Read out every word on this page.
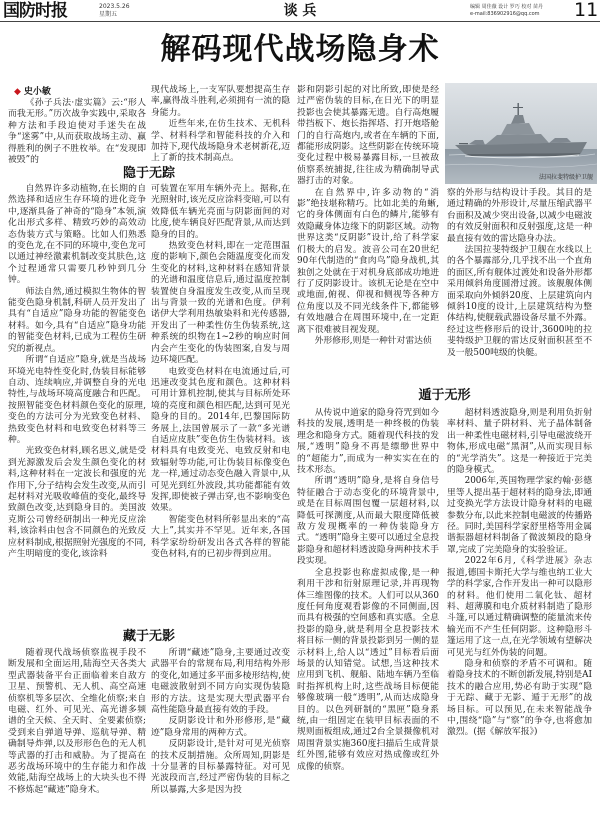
国防时报	2023.5.26
星期五	谈 兵	编辑 周佳薇 设计 罗巧 校对 苗丹
e-mail:836902916@qq.com	11
解码现代战场隐身术
◆ 史小敏

《孙子兵法·虚实篇》云:“形人而我无形。”历次战争实践中,采取各种方法和手段迫使对手迷失在战争“迷雾”中,从而获取战场主动、赢得胜利的例子不胜枚举。在“发现即被毁”的

现代战场上,一支军队要想提高生存率,赢得战斗胜利,必须拥有一流的隐身能力。

近些年来,在仿生技术、无机科学、材料科学和智能科技的介入和加持下,现代战场隐身术老树新花,迈上了新的技术制高点。

隐于无踪

自然界许多动植物,在长期的自然选择和适应生存环境的进化竞争中,逐渐具备了神奇的“隐身”本领,演化出形式多样、精致巧妙的高效动态伪装方式与策略。比如人们熟悉的变色龙,在不同的环境中,变色龙可以通过神经激素机制改变其肤色,这个过程通常只需要几秒钟到几分钟。

师法自然,通过模拟生物体的智能变色隐身机制,科研人员开发出了具有“自适应”隐身功能的智能变色材料。如今,具有“自适应”隐身功能的智能变色材料,已成为工程仿生研究的新视点。

所谓“自适应”隐身,就是当战场环境光电特性变化时,伪装目标能够自动、连续响应,并调整自身的光电特性,与战场环境高度融合和匹配。按照智能变色材料颜色变化的原理,变色的方法可分为光致变色材料、热致变色材料和电致变色材料等三种。

光致变色材料,顾名思义,就是受到光源激发后会发生颜色变化的材料,这种材料在一定波长和强度的光作用下,分子结构会发生改变,从而引起材料对光吸收峰值的变化,最终导致颜色改变,达到隐身目的。美国波克斯公司曾经研制出一种光反应涂料,该涂料由包含不同颜色的光致反应材料制成,根据照射光强度的不同,产生明暗度的变化,该涂料

可装置在军用车辆外壳上。据称,在光照射时,该光反应涂料变暗,可以有效降低车辆光亮面与阴影面间的对比度,使车辆良好匹配背景,从而达到隐身的目的。

热致变色材料,即在一定范围温度的影响下,颜色会随温度变化而发生变化的材料,这种材料在感知背景的光谱和温度信息后,通过温度控制装置使自身温度发生改变,从而呈现出与背景一致的光谱和色度。伊利诺伊大学利用热敏染料和光传感器,开发出了一种柔性仿生伪装系统,这种系统的织物在1~2秒的响应时间内会产生变化的伪装图案,自发与周边环境匹配。

电致变色材料在电流通过后,可迅速改变其色度和颜色。这种材料可用计算机控制,使其与目标所处环境的亮度和颜色相匹配,达到可见光隐身的目的。2014年,巴黎国际防务展上,法国曾展示了一款“多光谱自适应皮肤”变色仿生伪装材料。该材料具有电致变光、电致反射和电致辐射等功能,可让伪装目标像变色龙一样,通过动态变色融入背景中,从可见光到红外波段,其功能都能有效发挥,即使被子弹击穿,也不影响变色效果。

智能变色材料所彰显出来的“高大上”,其实并不罕见。近年来,各国科学家纷纷研发出各式各样的智能变色材料,有的已初步得到应用。

藏于无影

随着现代战场侦察监视手段不断发展和全面运用,陆海空天各类大型武器装备平台正面临着来自敌方卫星、预警机、无人机、高空高速侦察机等多层次、全维化侦察;来自电磁、红外、可见光、高光谱多频谱的全天候、全天时、全要素侦察;受到来自弹道导弹、巡航导弹、精确制导炸弹,以及形形色色的无人机等武器的打击和威胁。为了提高在恶劣战场环境中的生存能力和作战效能,陆海空战场上的大块头也不得不修炼起“藏迹”隐身术。

所谓“藏迹”隐身,主要通过改变武器平台的常规布局,利用结构外形的变化,如通过多平面多棱形结构,使电磁波散射到不同方向实现伪装隐形的方法。这是实现大型武器平台高性能隐身最直接有效的手段。

反阴影设计和外形修形,是“藏迹”隐身常用的两种方式。

反阴影设计,是针对可见光侦察的技术反制措施。众所周知,阴影是十分显著的目标暴露特征。对可见光波段而言,经过严密伪装的目标之所以暴露,大多是因为投

影和阴影引起的对比所致,即使是经过严密伪装的目标,在日光下的明显投影也会使其暴露无遗。自行高炮履带挡板下、炮长指挥塔、打开炮塔舱门的自行高炮内,或者在车辆的下面,都能形成阴影。这些阴影在传统环境变化过程中极易暴露目标,一旦被敌侦察系统捕捉,往往成为精确制导武器打击的对象。

在自然界中,许多动物的“消影”绝技堪称精巧。比如北美的角蜥,它的身体侧面有白色的鳞片,能够有效隐藏身体边缘下的阴影区域。动物世界这类“反阴影”设计,给了科学家们极大的启发。波音公司在20世纪90年代制造的“食肉鸟”隐身战机,其独创之处就在于对机身底部成功地进行了反阴影设计。该机无论是在空中或地面,俯视、仰视和侧视等各种方位角度以及不同光线条件下,都能够有效地融合在周围环境中,在一定距离下很难被目视发现。

外形修形,则是一种针对雷达侦

法国拉斐特级护卫舰

察的外形与结构设计手段。其目的是通过精确的外形设计,尽量压缩武器平台面积及减少突出设备,以减少电磁波的有效反射面积和反射强度,这是一种最直接有效的雷达隐身办法。

法国拉斐特级护卫舰在水线以上的各个暴露部分,几乎找不出一个直角的面区,所有舰体过渡处和设备外形都采用倾斜角度圆滑过渡。该舰舰体侧面采取向外倾斜20度、上层建筑向内倾斜10度的设计,上层建筑结构为整体结构,使舰载武器设备尽量不外露。经过这些修形后的设计,3600吨的拉斐特级护卫舰的雷达反射面积甚至不及一般500吨级的快艇。

遁于无形

从传说中道家的隐身符咒到如今科技的发展,透明是一种终极的伪装理念和隐身方式。随着现代科技的发展,“透明”隐身不再是缥缈世界中的“超能力”,而成为一种实实在在的技术形态。

所谓“透明”隐身,是将自身信号特征融合于动态变化的环境背景中,或是在目标周围包覆一层超材料,以降低可探测度,从而最大限度降低被敌方发现概率的一种伪装隐身方式。“透明”隐身主要可以通过全息投影隐身和超材料透波隐身两种技术手段实现。

全息投影也称虚拟成像,是一种利用干涉和衍射原理记录,并再现物体三维图像的技术。人们可以从360度任何角度观看影像的不同侧面,因而具有极强的空间感和真实感。全息投影的隐身,就是利用全息投影技术将目标一侧的背景投影到另一侧的显示材料上,给人以“透过”目标看后面场景的认知错觉。试想,当这种技术应用到飞机、舰船、陆地车辆乃至临时指挥机构上时,这些战场目标便能够像玻璃一般“透明”,从而达成隐身目的。以色列研制的“黑匣”隐身系统,由一组固定在装甲目标表面的不规则面板组成,通过2台全景摄像机对周围背景实施360度扫描后生成背景红外图,能够有效应对热成像或红外成像的侦察。

超材料透波隐身,则是利用负折射率材料、量子阱材料、光子晶体制备出一种柔性电磁材料,引导电磁波绕开物体,形成电磁“黑洞”,从而实现目标的“光学消失”。这是一种接近于完美的隐身模式。

2006年,英国物理学家约翰·彭德里等人提出基于超材料的隐身法,即通过变换光学方法设计隐身材料的电磁参数分布,以此来控制电磁波的传播路径。同时,美国科学家舒里格等用金属谐振器超材料制备了微波频段的隐身罩,完成了完美隐身的实验验证。

2022年6月,《科学进展》杂志报道,德国卡斯托大学与维也纳工业大学的科学家,合作开发出一种可以隐形的材料。他们使用二氧化钛、超材料、超薄膜和电介质材料制造了隐形斗篷,可以通过精确调整的能量流来传输光而不产生任何阴影。这种隐形斗篷运用了这一点,在光学领域有望解决可见光与红外伪装的问题。

隐身和侦察的矛盾不可调和。随着隐身技术的不断创新发展,特别是AI技术的融合应用,势必有助于实现“隐于无踪、藏于无影、遁于无形”的战场目标。可以预见,在未来智能战争中,围绕“隐”与“察”的争夺,也将愈加激烈。(据《解放军报》)
